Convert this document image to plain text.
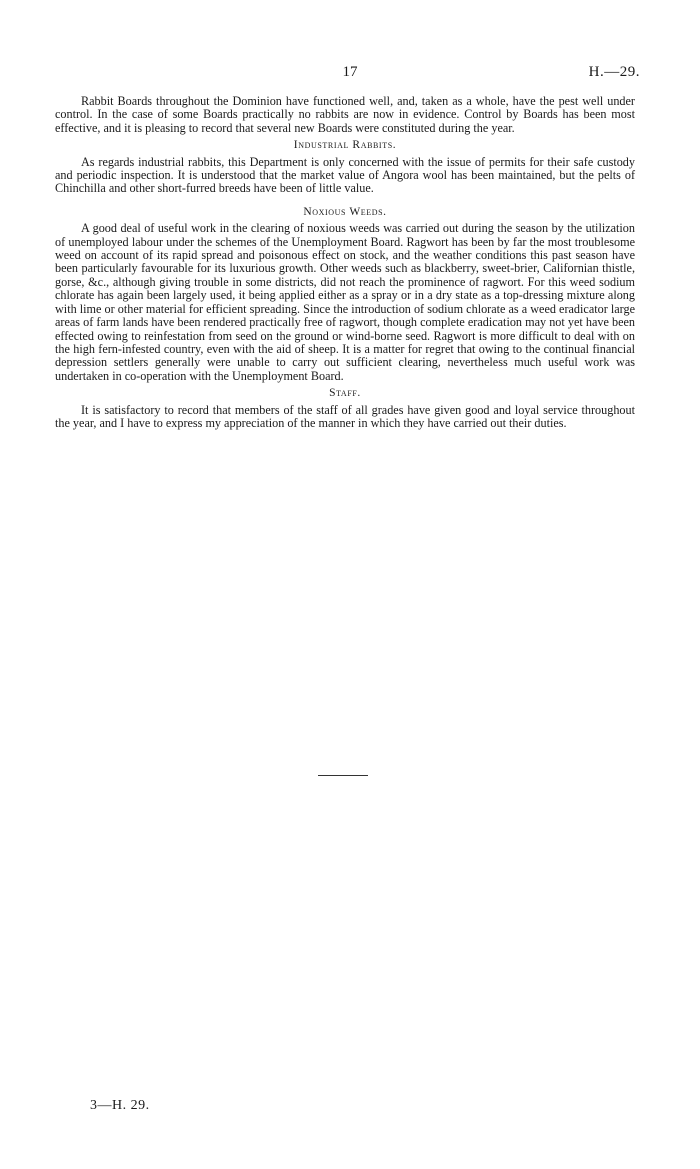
17	H.—29.

Rabbit Boards throughout the Dominion have functioned well, and, taken as a whole, have the pest well under control. In the case of some Boards practically no rabbits are now in evidence. Control by Boards has been most effective, and it is pleasing to record that several new Boards were constituted during the year.

Industrial Rabbits.

As regards industrial rabbits, this Department is only concerned with the issue of permits for their safe custody and periodic inspection. It is understood that the market value of Angora wool has been maintained, but the pelts of Chinchilla and other short-furred breeds have been of little value.

Noxious Weeds.

A good deal of useful work in the clearing of noxious weeds was carried out during the season by the utilization of unemployed labour under the schemes of the Unemployment Board. Ragwort has been by far the most troublesome weed on account of its rapid spread and poisonous effect on stock, and the weather conditions this past season have been particularly favourable for its luxurious growth. Other weeds such as blackberry, sweet-brier, Californian thistle, gorse, &c., although giving trouble in some districts, did not reach the prominence of ragwort. For this weed sodium chlorate has again been largely used, it being applied either as a spray or in a dry state as a top-dressing mixture along with lime or other material for efficient spreading. Since the introduction of sodium chlorate as a weed eradicator large areas of farm lands have been rendered practically free of ragwort, though complete eradication may not yet have been effected owing to reinfestation from seed on the ground or wind-borne seed. Ragwort is more difficult to deal with on the high fern-infested country, even with the aid of sheep. It is a matter for regret that owing to the continual financial depression settlers generally were unable to carry out sufficient clearing, nevertheless much useful work was undertaken in co-operation with the Unemployment Board.

Staff.

It is satisfactory to record that members of the staff of all grades have given good and loyal service throughout the year, and I have to express my appreciation of the manner in which they have carried out their duties.

3—H. 29.
